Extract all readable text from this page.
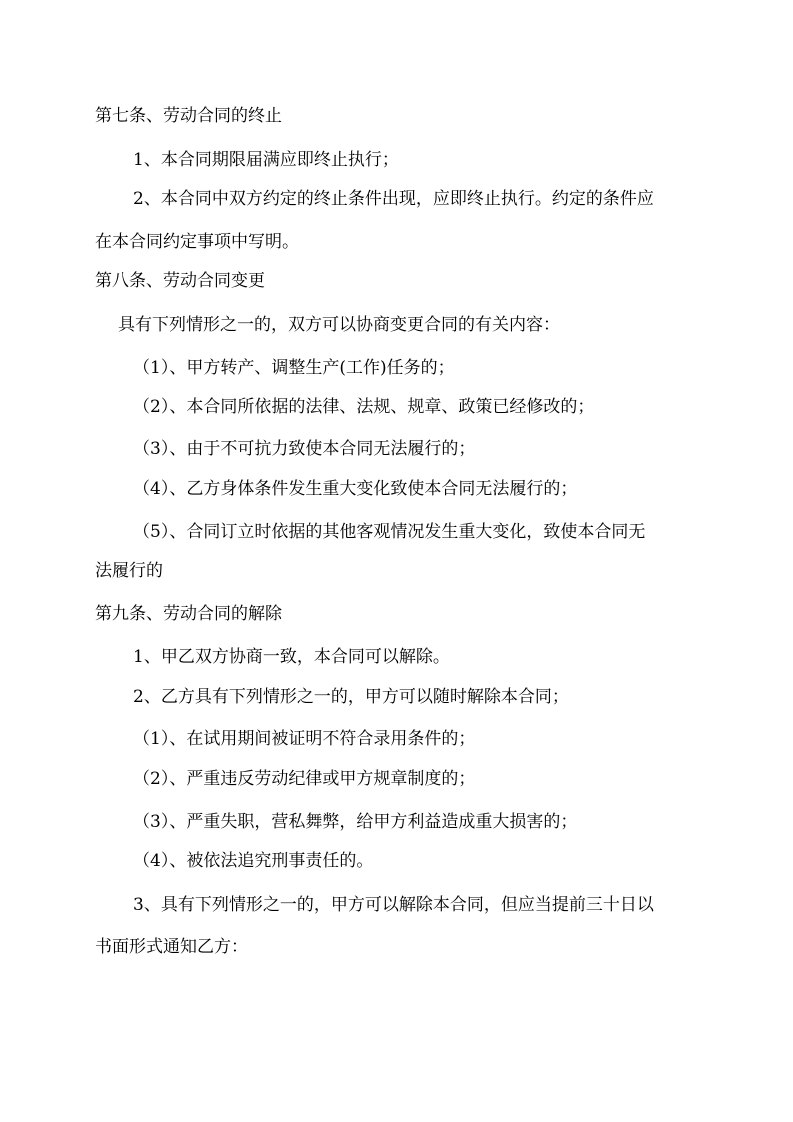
第七条、劳动合同的终止
1、本合同期限届满应即终止执行；
2、本合同中双方约定的终止条件出现，应即终止执行。约定的条件应
在本合同约定事项中写明。
第八条、劳动合同变更
具有下列情形之一的，双方可以协商变更合同的有关内容：
（1）、甲方转产、调整生产(工作)任务的；
（2）、本合同所依据的法律、法规、规章、政策已经修改的；
（3）、由于不可抗力致使本合同无法履行的；
（4）、乙方身体条件发生重大变化致使本合同无法履行的；
（5）、合同订立时依据的其他客观情况发生重大变化，致使本合同无
法履行的
第九条、劳动合同的解除
1、甲乙双方协商一致，本合同可以解除。
2、乙方具有下列情形之一的，甲方可以随时解除本合同；
（1）、在试用期间被证明不符合录用条件的；
（2）、严重违反劳动纪律或甲方规章制度的；
（3）、严重失职，营私舞弊，给甲方利益造成重大损害的；
（4）、被依法追究刑事责任的。
3、具有下列情形之一的，甲方可以解除本合同，但应当提前三十日以
书面形式通知乙方：
